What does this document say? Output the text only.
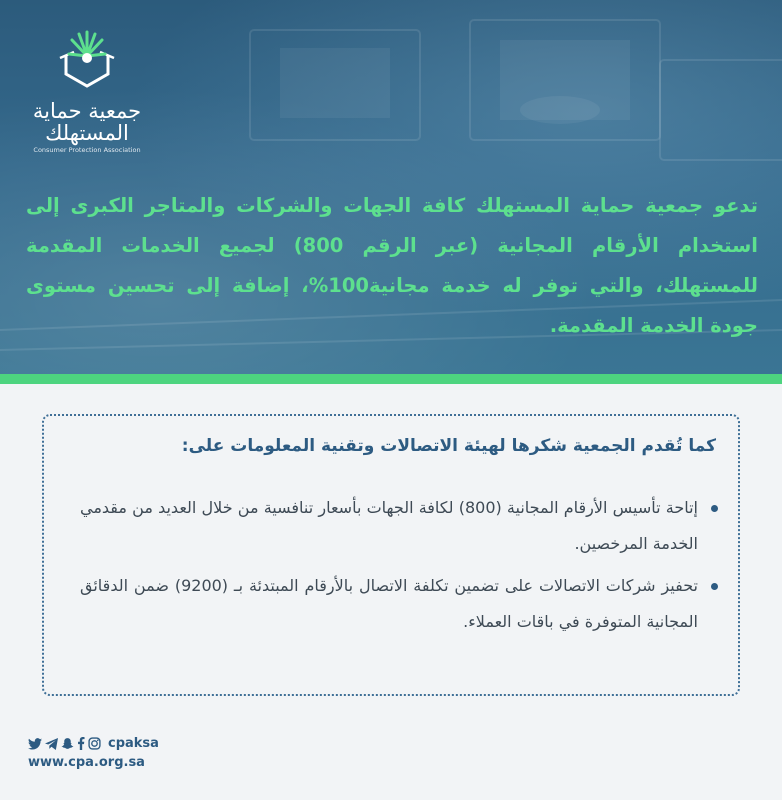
جمعية حماية المستهلك
Consumer Protection Association
تدعو جمعية حماية المستهلك كافة الجهات والشركات والمتاجر الكبرى إلى استخدام الأرقام المجانية (عبر الرقم 800) لجميع الخدمات المقدمة للمستهلك، والتي توفر له خدمة مجانية100%، إضافة إلى تحسين مستوى جودة الخدمة المقدمة.
كما تُقدم الجمعية شكرها لهيئة الاتصالات وتقنية المعلومات على:
إتاحة تأسيس الأرقام المجانية (800) لكافة الجهات بأسعار تنافسية من خلال العديد من مقدمي الخدمة المرخصين.
تحفيز شركات الاتصالات على تضمين تكلفة الاتصال بالأرقام المبتدئة بـ (9200) ضمن الدقائق المجانية المتوفرة في باقات العملاء.
cpaksa
www.cpa.org.sa
